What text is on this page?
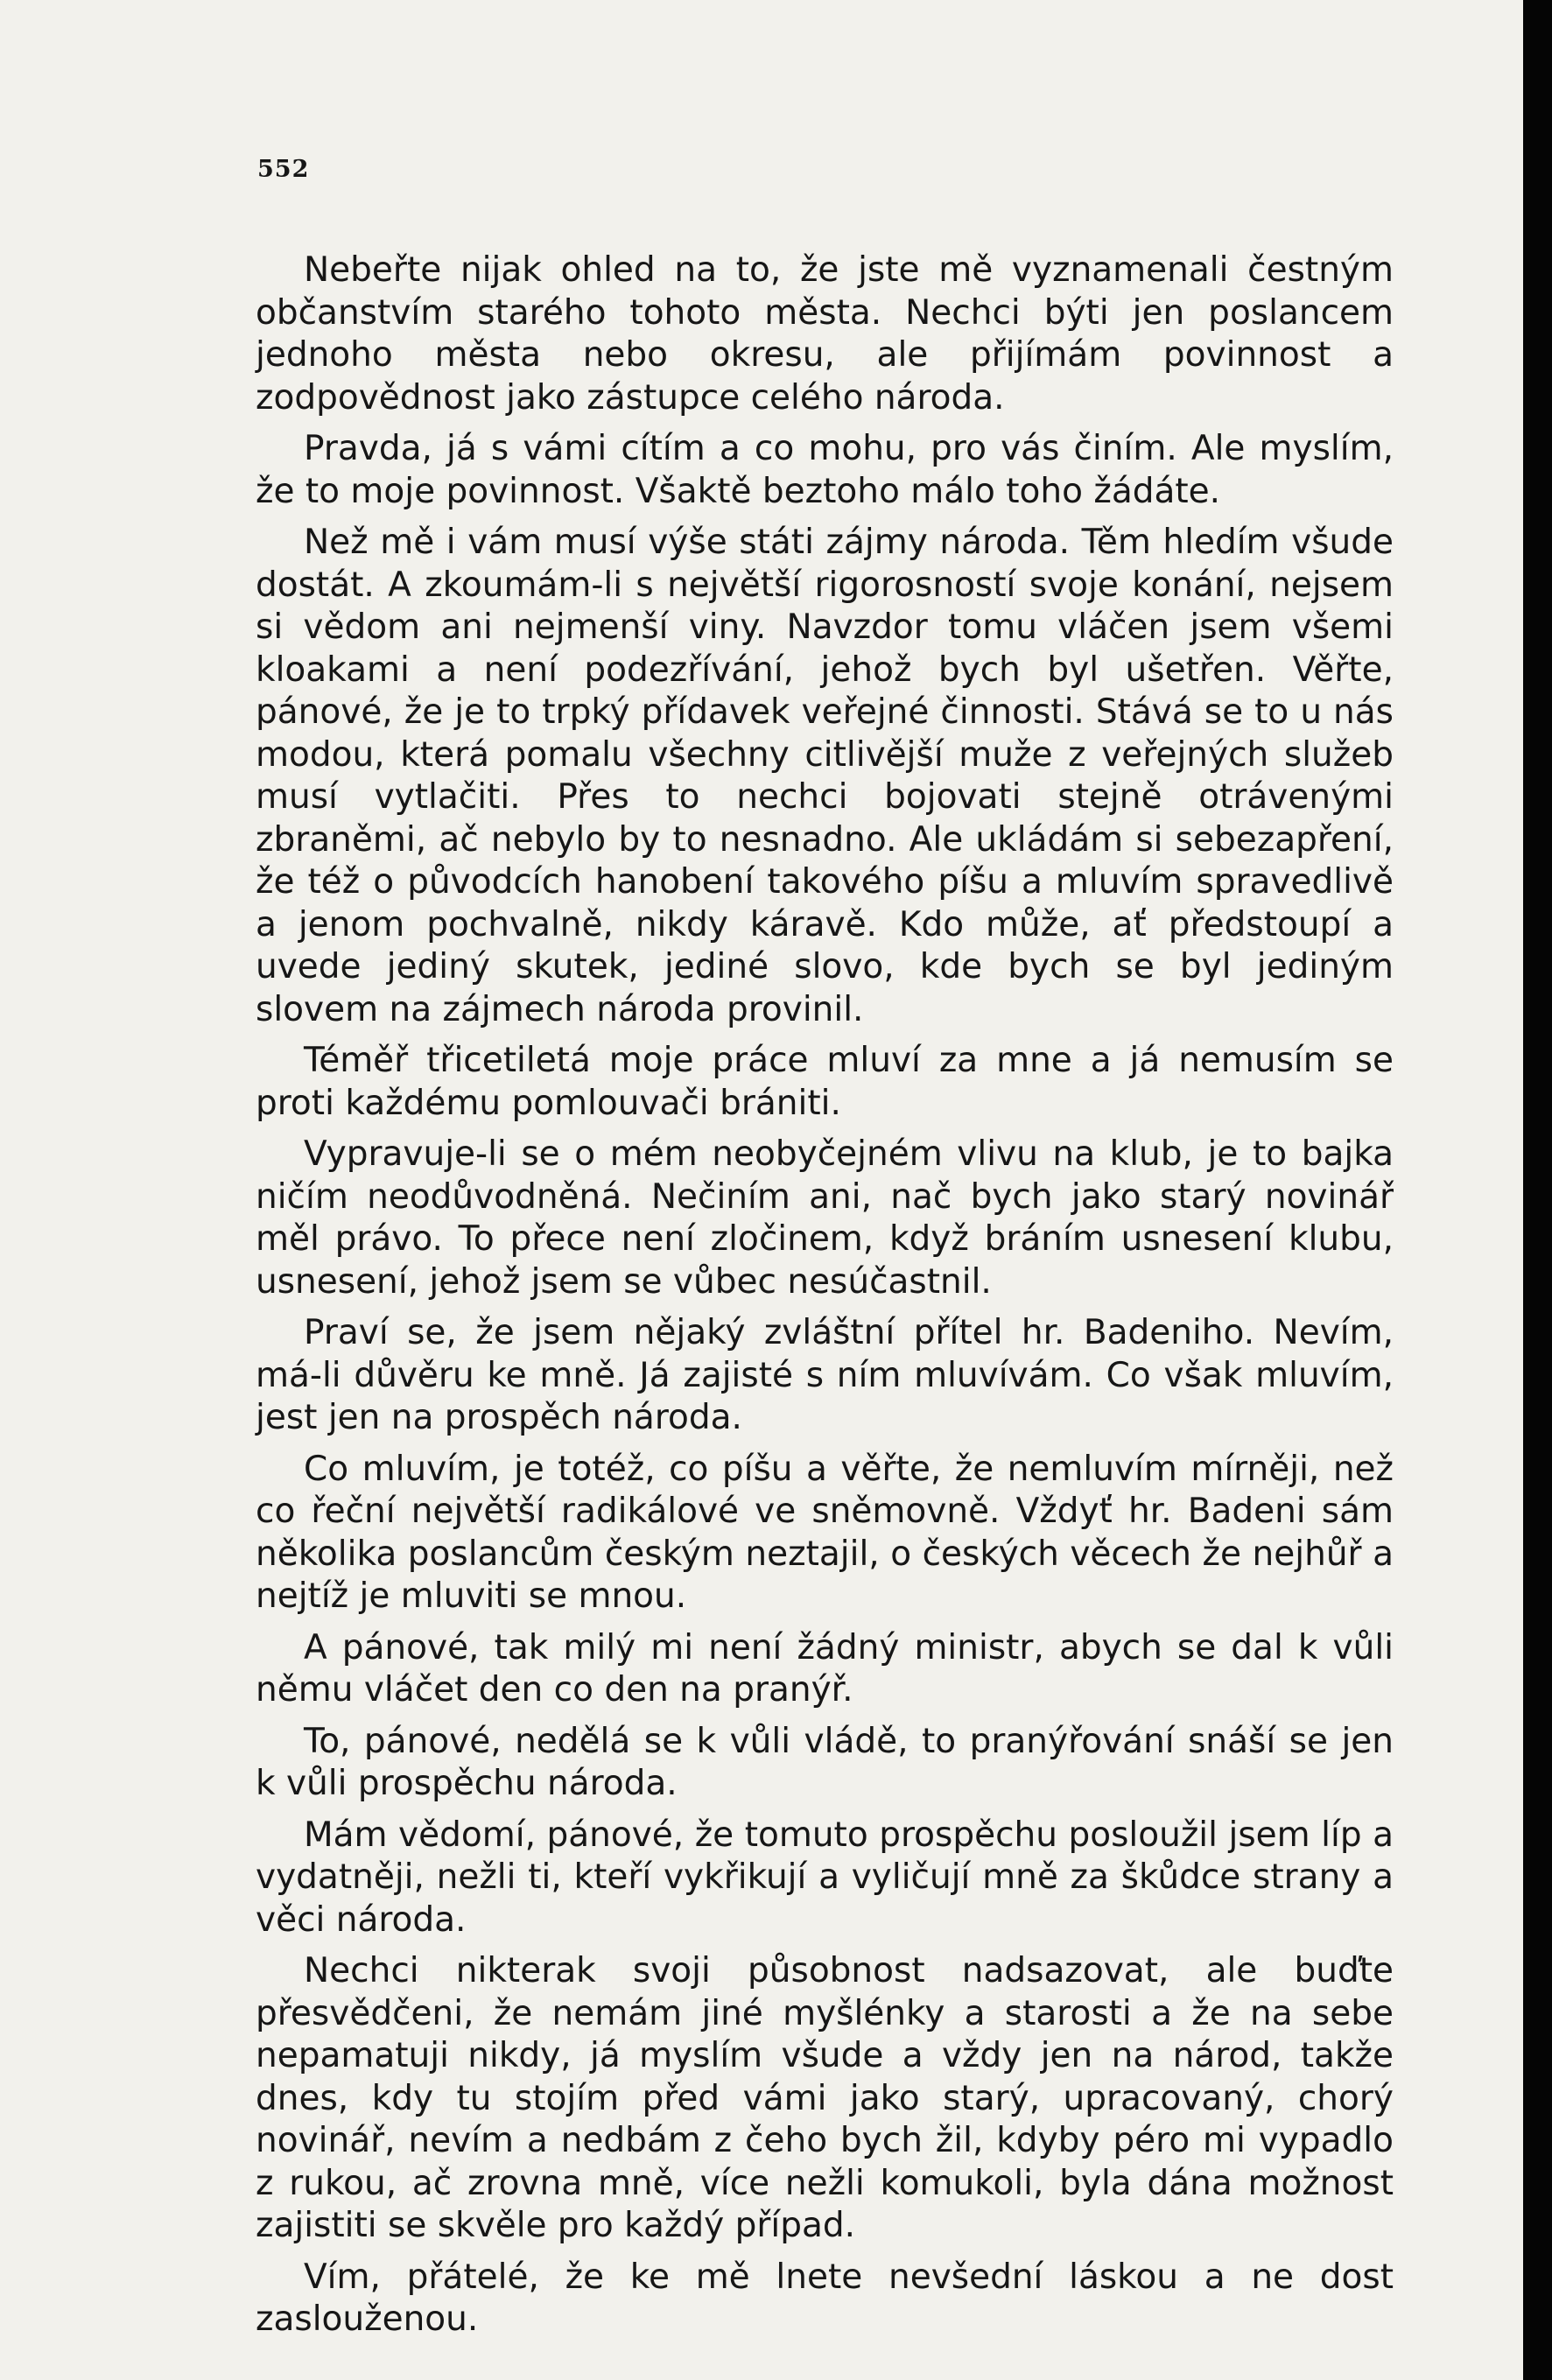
552

Nebeřte nijak ohled na to, že jste mě vyznamenali čestným občanstvím starého tohoto města. Nechci býti jen poslancem jednoho města nebo okresu, ale přijímám povinnost a zodpovědnost jako zástupce celého národa.

Pravda, já s vámi cítím a co mohu, pro vás činím. Ale myslím, že to moje povinnost. Všaktě beztoho málo toho žádáte.

Než mě i vám musí výše státi zájmy národa. Těm hledím všude dostát. A zkoumám-li s největší rigorosností svoje konání, nejsem si vědom ani nejmenší viny. Navzdor tomu vláčen jsem všemi kloakami a není podezřívání, jehož bych byl ušetřen. Věřte, pánové, že je to trpký přídavek veřejné činnosti. Stává se to u nás modou, která pomalu všechny citlivější muže z veřejných služeb musí vytlačiti. Přes to nechci bojovati stejně otrávenými zbraněmi, ač nebylo by to nesnadno. Ale ukládám si sebezapření, že též o původcích hanobení takového píšu a mluvím spravedlivě a jenom pochvalně, nikdy káravě. Kdo může, ať předstoupí a uvede jediný skutek, jediné slovo, kde bych se byl jediným slovem na zájmech národa provinil.

Téměř třicetiletá moje práce mluví za mne a já nemusím se proti každému pomlouvači brániti.

Vypravuje-li se o mém neobyčejném vlivu na klub, je to bajka ničím neodůvodněná. Nečiním ani, nač bych jako starý novinář měl právo. To přece není zločinem, když bráním usnesení klubu, usnesení, jehož jsem se vůbec nesúčastnil.

Praví se, že jsem nějaký zvláštní přítel hr. Badeniho. Nevím, má-li důvěru ke mně. Já zajisté s ním mluvívám. Co však mluvím, jest jen na prospěch národa.

Co mluvím, je totéž, co píšu a věřte, že nemluvím mírněji, než co řeční největší radikálové ve sněmovně. Vždyť hr. Badeni sám několika poslancům českým neztajil, o českých věcech že nejhůř a nejtíž je mluviti se mnou.

A pánové, tak milý mi není žádný ministr, abych se dal k vůli němu vláčet den co den na pranýř.

To, pánové, nedělá se k vůli vládě, to pranýřování snáší se jen k vůli prospěchu národa.

Mám vědomí, pánové, že tomuto prospěchu posloužil jsem líp a vydatněji, nežli ti, kteří vykřikují a vyličují mně za škůdce strany a věci národa.

Nechci nikterak svoji působnost nadsazovat, ale buďte přesvědčeni, že nemám jiné myšlénky a starosti a že na sebe nepamatuji nikdy, já myslím všude a vždy jen na národ, takže dnes, kdy tu stojím před vámi jako starý, upracovaný, chorý novinář, nevím a nedbám z čeho bych žil, kdyby péro mi vypadlo z rukou, ač zrovna mně, více nežli komukoli, byla dána možnost zajistiti se skvěle pro každý případ.

Vím, přátelé, že ke mě lnete nevšední láskou a ne dost zaslouženou.
